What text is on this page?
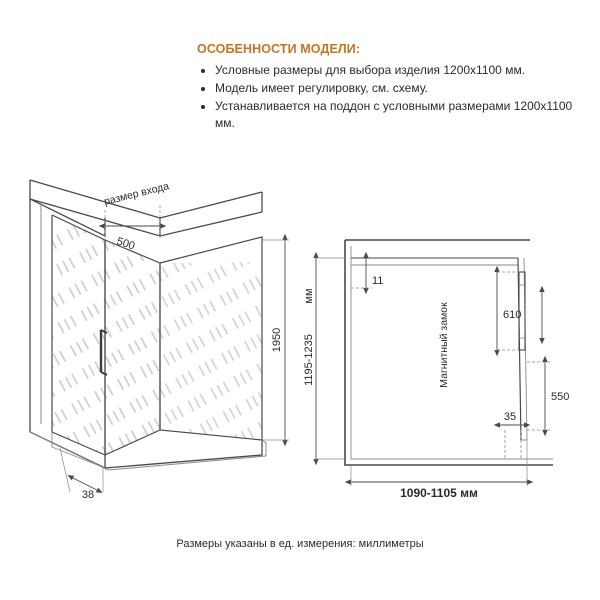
ОСОБЕННОСТИ МОДЕЛИ:

• Условные размеры для выбора изделия 1200х1100 мм.
• Модель имеет регулировку, см. схему.
• Устанавливается на поддон с условными размерами 1200х1100 мм.
500
размер входа
1950
38
35
11
610
550
Магнитный замок
1195-1235
мм
1090-1105 мм
Размеры указаны в ед. измерения: миллиметры
